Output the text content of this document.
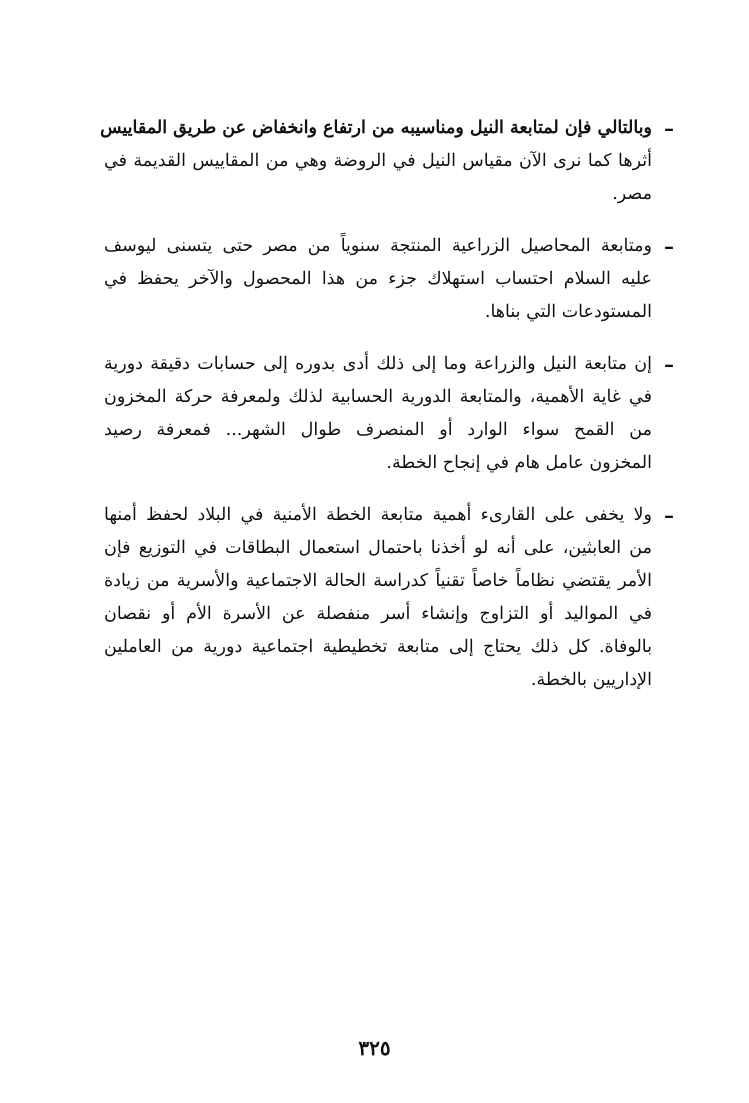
–
وبالتالي فإن لمتابعة النيل ومناسيبه من ارتفاع وانخفاض عن طريق المقاييس
أثرها كما نرى الآن مقياس النيل في الروضة وهي من المقاييس القديمة في
مصر.
–
ومتابعة المحاصيل الزراعية المنتجة سنوياً من مصر حتى يتسنى ليوسف
عليه السلام احتساب استهلاك جزء من هذا المحصول والآخر يحفظ في
المستودعات التي بناها.
–
إن متابعة النيل والزراعة وما إلى ذلك أدى بدوره إلى حسابات دقيقة دورية
في غاية الأهمية، والمتابعة الدورية الحسابية لذلك ولمعرفة حركة المخزون
من القمح سواء الوارد أو المنصرف طوال الشهر... فمعرفة رصيد
المخزون عامل هام في إنجاح الخطة.
–
ولا يخفى على القارىء أهمية متابعة الخطة الأمنية في البلاد لحفظ أمنها
من العابثين، على أنه لو أخذنا باحتمال استعمال البطاقات في التوزيع فإن
الأمر يقتضي نظاماً خاصاً تقنياً كدراسة الحالة الاجتماعية والأسرية من زيادة
في المواليد أو التزاوج وإنشاء أسر منفصلة عن الأسرة الأم أو نقصان
بالوفاة. كل ذلك يحتاج إلى متابعة تخطيطية اجتماعية دورية من العاملين
الإداريين بالخطة.
٣٢٥
